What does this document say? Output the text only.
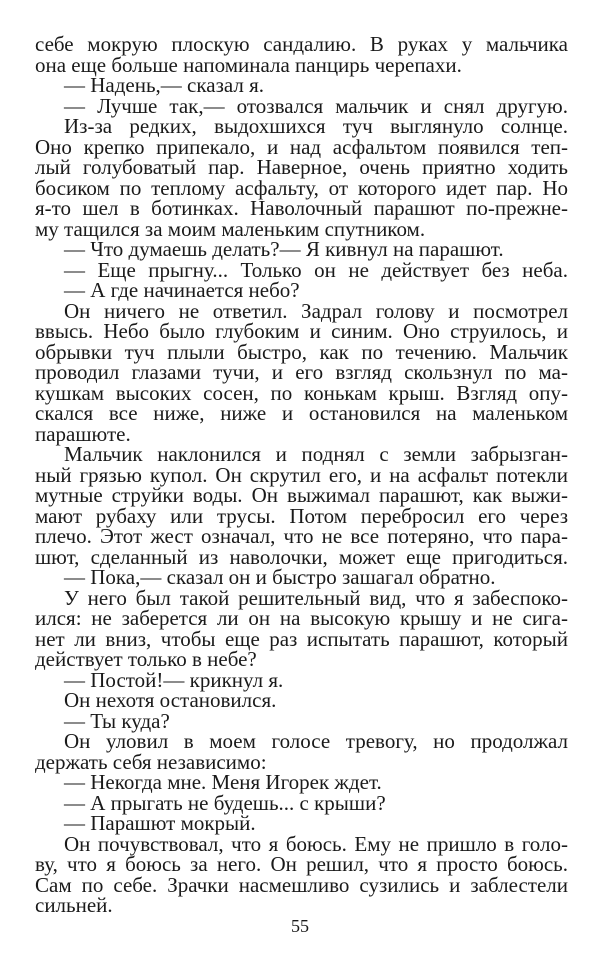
себе мокрую плоскую сандалию. В руках у мальчика
она еще больше напоминала панцирь черепахи.
— Надень,— сказал я.
— Лучше так,— отозвался мальчик и снял другую.
Из-за редких, выдохшихся туч выглянуло солнце.
Оно крепко припекало, и над асфальтом появился теп-
лый голубоватый пар. Наверное, очень приятно ходить
босиком по теплому асфальту, от которого идет пар. Но
я-то шел в ботинках. Наволочный парашют по-прежне-
му тащился за моим маленьким спутником.
— Что думаешь делать?— Я кивнул на парашют.
— Еще прыгну... Только он не действует без неба.
— А где начинается небо?
Он ничего не ответил. Задрал голову и посмотрел
ввысь. Небо было глубоким и синим. Оно струилось, и
обрывки туч плыли быстро, как по течению. Мальчик
проводил глазами тучи, и его взгляд скользнул по ма-
кушкам высоких сосен, по конькам крыш. Взгляд опу-
скался все ниже, ниже и остановился на маленьком
парашюте.
Мальчик наклонился и поднял с земли забрызган-
ный грязью купол. Он скрутил его, и на асфальт потекли
мутные струйки воды. Он выжимал парашют, как выжи-
мают рубаху или трусы. Потом перебросил его через
плечо. Этот жест означал, что не все потеряно, что пара-
шют, сделанный из наволочки, может еще пригодиться.
— Пока,— сказал он и быстро зашагал обратно.
У него был такой решительный вид, что я забеспоко-
ился: не заберется ли он на высокую крышу и не сига-
нет ли вниз, чтобы еще раз испытать парашют, который
действует только в небе?
— Постой!— крикнул я.
Он нехотя остановился.
— Ты куда?
Он уловил в моем голосе тревогу, но продолжал
держать себя независимо:
— Некогда мне. Меня Игорек ждет.
— А прыгать не будешь... с крыши?
— Парашют мокрый.
Он почувствовал, что я боюсь. Ему не пришло в голо-
ву, что я боюсь за него. Он решил, что я просто боюсь.
Сам по себе. Зрачки насмешливо сузились и заблестели
сильней.
55
